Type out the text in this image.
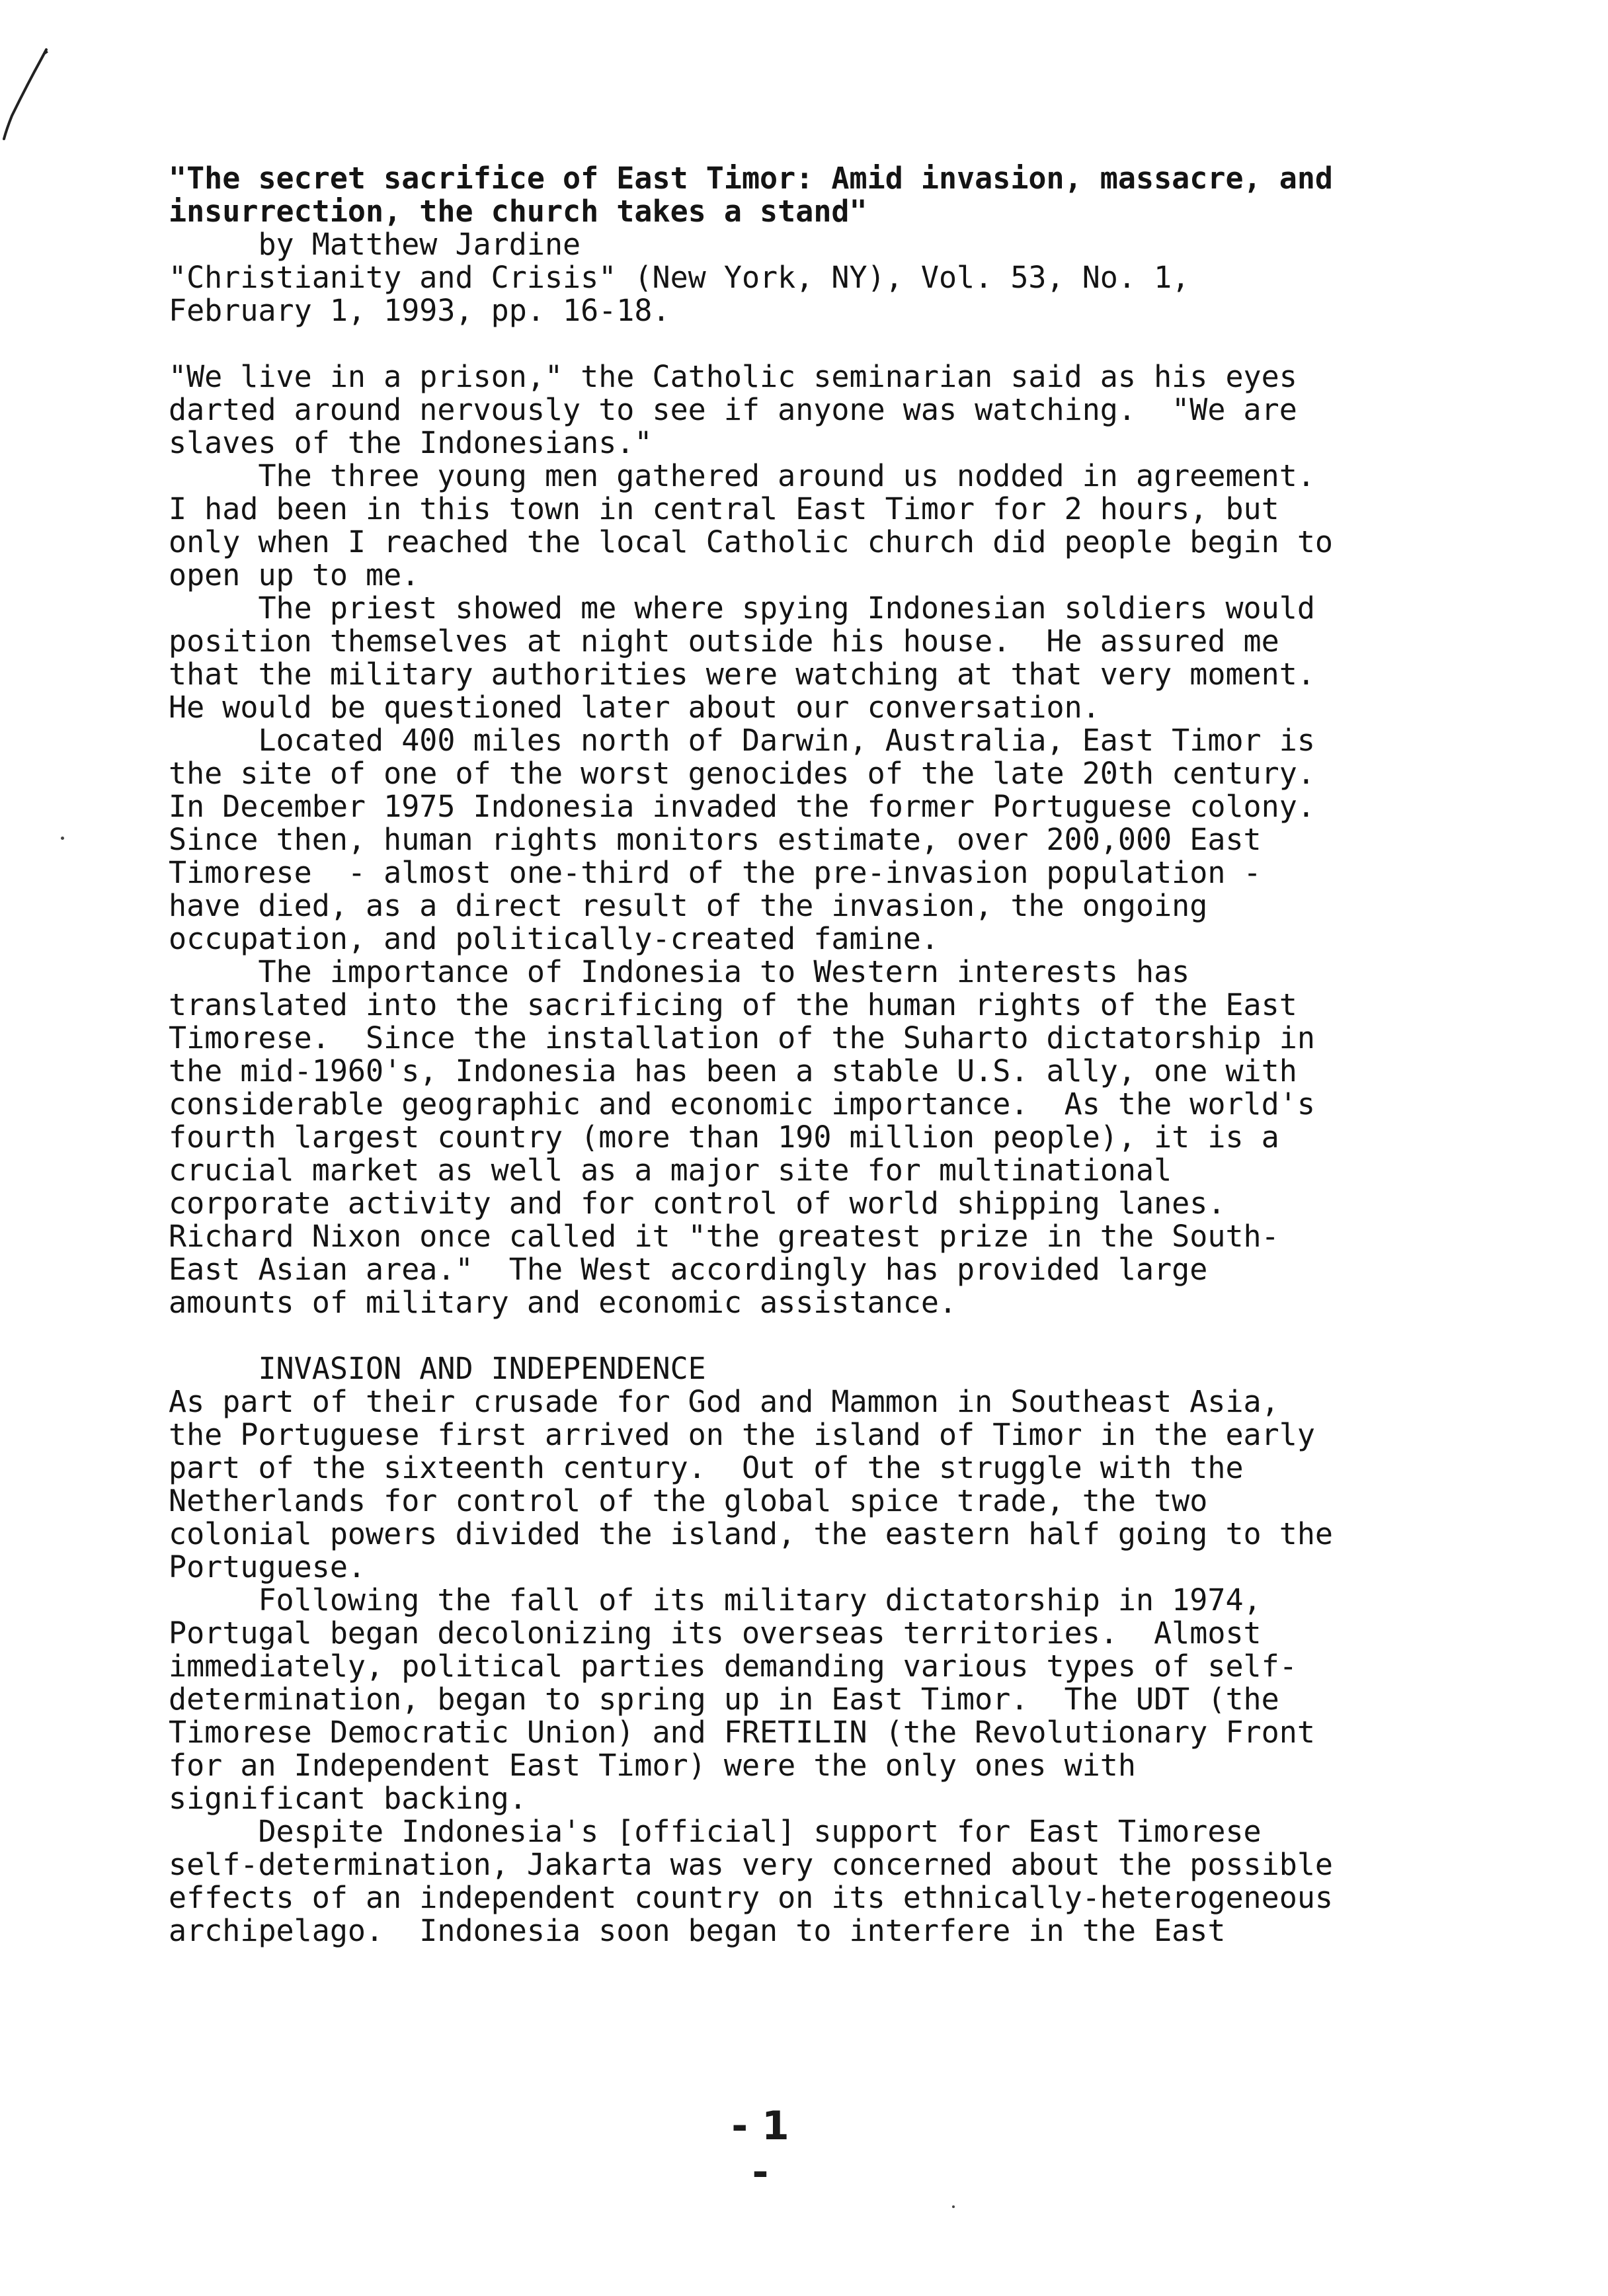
"The secret sacrifice of East Timor: Amid invasion, massacre, and
insurrection, the church takes a stand"
by Matthew Jardine
"Christianity and Crisis" (New York, NY), Vol. 53, No. 1,
February 1, 1993, pp. 16-18.
"We live in a prison," the Catholic seminarian said as his eyes
darted around nervously to see if anyone was watching.  "We are
slaves of the Indonesians."
The three young men gathered around us nodded in agreement.
I had been in this town in central East Timor for 2 hours, but
only when I reached the local Catholic church did people begin to
open up to me.
The priest showed me where spying Indonesian soldiers would
position themselves at night outside his house.  He assured me
that the military authorities were watching at that very moment.
He would be questioned later about our conversation.
Located 400 miles north of Darwin, Australia, East Timor is
the site of one of the worst genocides of the late 20th century.
In December 1975 Indonesia invaded the former Portuguese colony.
Since then, human rights monitors estimate, over 200,000 East
Timorese  - almost one-third of the pre-invasion population -
have died, as a direct result of the invasion, the ongoing
occupation, and politically-created famine.
The importance of Indonesia to Western interests has
translated into the sacrificing of the human rights of the East
Timorese.  Since the installation of the Suharto dictatorship in
the mid-1960's, Indonesia has been a stable U.S. ally, one with
considerable geographic and economic importance.  As the world's
fourth largest country (more than 190 million people), it is a
crucial market as well as a major site for multinational
corporate activity and for control of world shipping lanes.
Richard Nixon once called it "the greatest prize in the South-
East Asian area."  The West accordingly has provided large
amounts of military and economic assistance.
INVASION AND INDEPENDENCE
As part of their crusade for God and Mammon in Southeast Asia,
the Portuguese first arrived on the island of Timor in the early
part of the sixteenth century.  Out of the struggle with the
Netherlands for control of the global spice trade, the two
colonial powers divided the island, the eastern half going to the
Portuguese.
Following the fall of its military dictatorship in 1974,
Portugal began decolonizing its overseas territories.  Almost
immediately, political parties demanding various types of self-
determination, began to spring up in East Timor.  The UDT (the
Timorese Democratic Union) and FRETILIN (the Revolutionary Front
for an Independent East Timor) were the only ones with
significant backing.
Despite Indonesia's [official] support for East Timorese
self-determination, Jakarta was very concerned about the possible
effects of an independent country on its ethnically-heterogeneous
archipelago.  Indonesia soon began to interfere in the East
- 1 -
